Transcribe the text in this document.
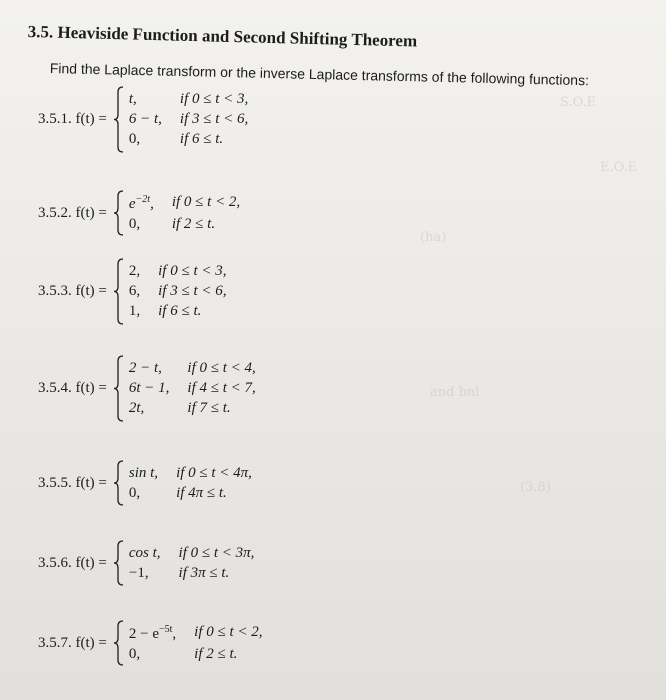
S.O.E
E.O.E
(ha)
and bnl
(3.8)
3.5. Heaviside Function and Second Shifting Theorem
Find the Laplace transform or the inverse Laplace transforms of the following functions:
3.5.1. f(t) =
t,	if 0 ≤ t < 3,
6 − t, if 3 ≤ t < 6,
0,	if 6 ≤ t.
3.5.2. f(t) =
$e^{-2t}$, if 0 ≤ t < 2,
0,	if 2 ≤ t.
3.5.3. f(t) =
2, if 0 ≤ t < 3,
6, if 3 ≤ t < 6,
1, if 6 ≤ t.
3.5.4. f(t) =
2 − t,	if 0 ≤ t < 4,
6t − 1, if 4 ≤ t < 7,
2t,	if 7 ≤ t.
3.5.5. f(t) =
sin t, if 0 ≤ t < 4π,
0,	if 4π ≤ t.
3.5.6. f(t) =
cos t, if 0 ≤ t < 3π,
−1,	if 3π ≤ t.
3.5.7. f(t) =
$2 - e^{-5t}$, if 0 ≤ t < 2,
0,	if 2 ≤ t.
